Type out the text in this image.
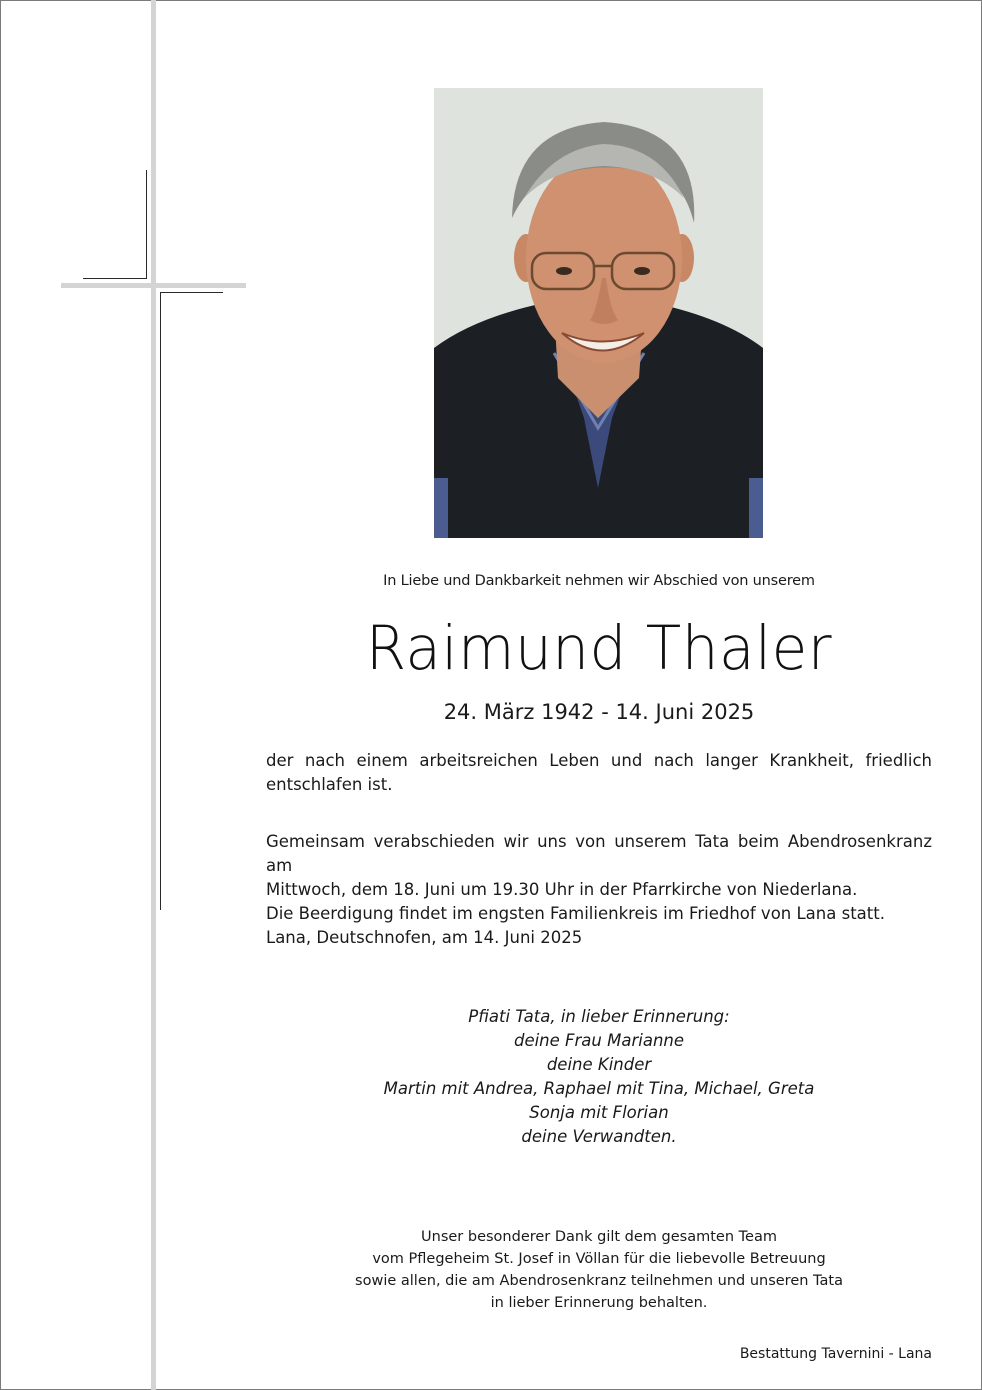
In Liebe und Dankbarkeit nehmen wir Abschied von unserem
Raimund Thaler
24. März 1942 - 14. Juni 2025
der nach einem arbeitsreichen Leben und nach langer Krankheit, friedlich entschlafen ist.
Gemeinsam verabschieden wir uns von unserem Tata beim Abendrosenkranz am
Mittwoch, dem 18. Juni um 19.30 Uhr in der Pfarrkirche von Niederlana.
Die Beerdigung findet im engsten Familienkreis im Friedhof von Lana statt.
Lana, Deutschnofen, am 14. Juni 2025
Pfiati Tata, in lieber Erinnerung:
deine Frau Marianne
deine Kinder
Martin mit Andrea, Raphael mit Tina, Michael, Greta
Sonja mit Florian
deine Verwandten.
Unser besonderer Dank gilt dem gesamten Team
vom Pflegeheim St. Josef in Völlan für die liebevolle Betreuung
sowie allen, die am Abendrosenkranz teilnehmen und unseren Tata
in lieber Erinnerung behalten.
Bestattung Tavernini - Lana
